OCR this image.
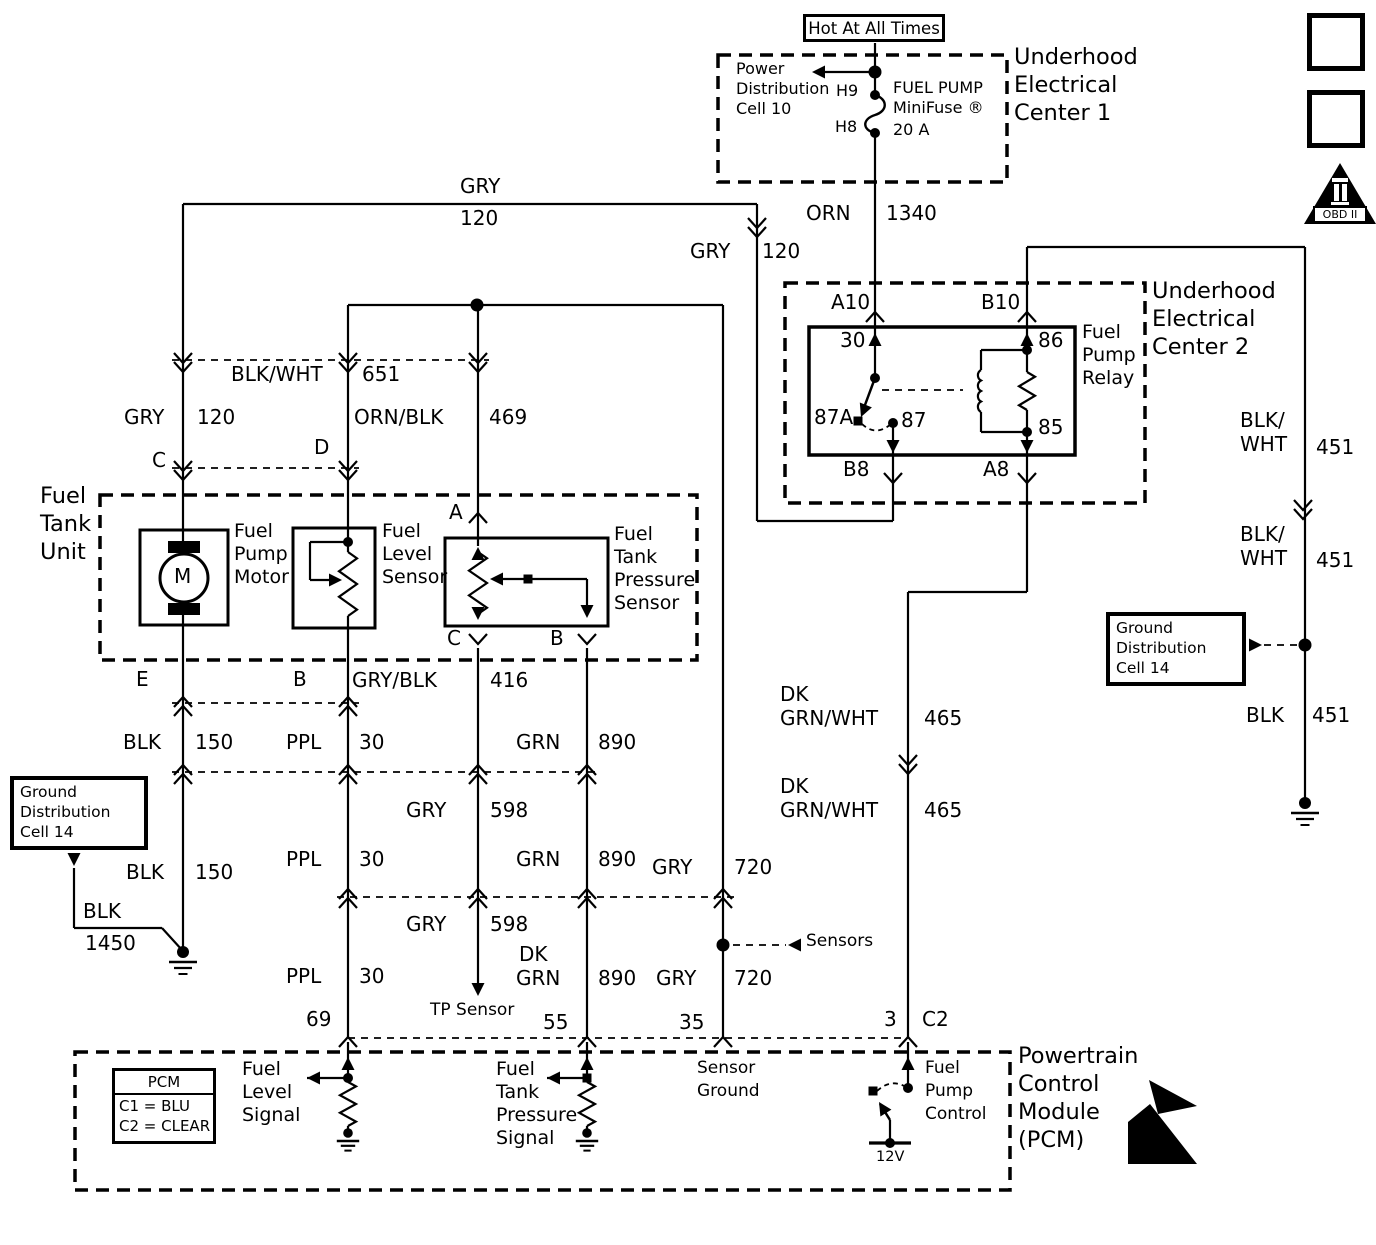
GRY
120	ORN 1340
GRY 120
Power
Distribution
Cell 10
H9
H8
FUEL PUMP
MiniFuse ®
20 A
Underhood
Electrical
Center 1
Underhood
Electrical
Center 2
A10	B10
30	86
87A 87	85
B8	A8
Fuel
Pump
Relay
BLK/
WHT 451
BLK/
WHT 451
BLK 451
DK
GRN/WHT 465
DK
GRN/WHT 465
GRY 120
BLK/WHT 651
ORN/BLK 469
C
D
Fuel
Tank
Unit
Fuel
Pump
Motor
Fuel
Level
Sensor
Fuel
Tank
Pressure
Sensor
M
A
C	B
E	B GRY/BLK	416
BLK 150	PPL 30	GRN 890
GRY 598
BLK 150
PPL 30	GRN 890 GRY 720
BLK
1450
GRY 598
DK
GRN 890
PPL 30	GRY 720
Sensors
TP Sensor
69	55	35	3 C2
Fuel
Level
Signal
Fuel
Tank
Pressure
Signal
Sensor
Ground
Fuel
Pump
Control
12V
Powertrain
Control
Module
(PCM)
Hot At All Times
Ground
Distribution
Cell 14
Ground
Distribution
Cell 14
PCM
C1 = BLU
C2 = CLEAR
OBD II
